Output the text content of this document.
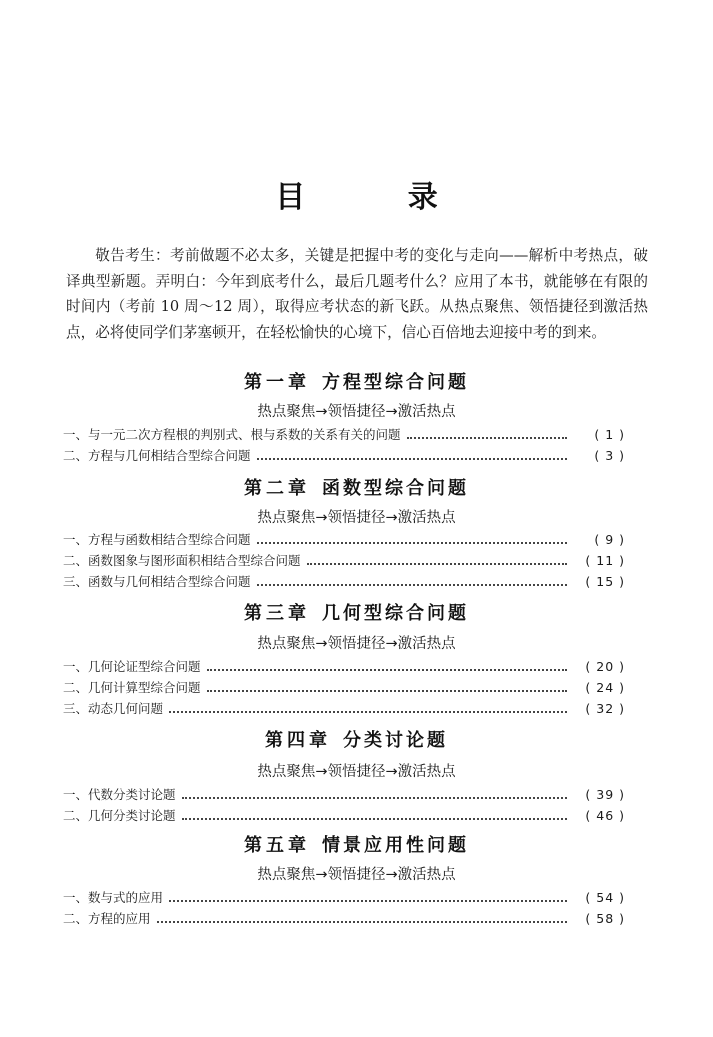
目 录
敬告考生：考前做题不必太多，关键是把握中考的变化与走向——解析中考热点，破译典型新题。弄明白：今年到底考什么，最后几题考什么？应用了本书，就能够在有限的时间内（考前 10 周～12 周），取得应考状态的新飞跃。从热点聚焦、领悟捷径到激活热点，必将使同学们茅塞顿开，在轻松愉快的心境下，信心百倍地去迎接中考的到来。
第一章 方程型综合问题
热点聚焦→领悟捷径→激活热点
一、与一元二次方程根的判别式、根与系数的关系有关的问题	( 1 )
二、方程与几何相结合型综合问题	( 3 )
第二章 函数型综合问题
热点聚焦→领悟捷径→激活热点
一、方程与函数相结合型综合问题	( 9 )
二、函数图象与图形面积相结合型综合问题	( 11 )
三、函数与几何相结合型综合问题	( 15 )
第三章 几何型综合问题
热点聚焦→领悟捷径→激活热点
一、几何论证型综合问题	( 20 )
二、几何计算型综合问题	( 24 )
三、动态几何问题	( 32 )
第四章 分类讨论题
热点聚焦→领悟捷径→激活热点
一、代数分类讨论题	( 39 )
二、几何分类讨论题	( 46 )
第五章 情景应用性问题
热点聚焦→领悟捷径→激活热点
一、数与式的应用	( 54 )
二、方程的应用	( 58 )
